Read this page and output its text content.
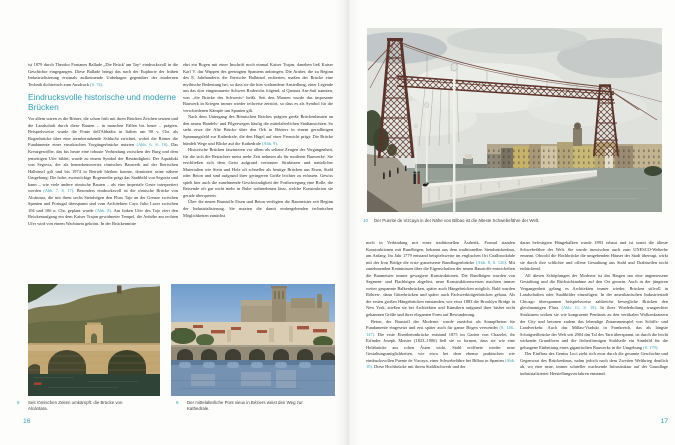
ist 1879 durch Theodor Fontanes Ballade „Die Brück' am Tay“ eindrucksvoll in die Geschichte eingegangen. Diese Ballade bringt das nach der Euphorie der frühen Industrialisierung erstmals aufkeimende Unbehagen gegenüber der modernen Technik dichterisch zum Ausdruck (S. 74).

Eindrucksvolle historische und moderne Brücken

Vor allem waren es die Römer, die schon früh mit ihren Brücken Zeichen setzten und die Landschaft durch diese Bauten – in manchen Fällen bis heute – prägten. Beispielsweise wurde die Ponte dell'Abbadia in Italien um 90 v. Chr. als Bogenbrücke über eine atemberaubende Schlucht errichtet, wobei die Römer die Fundamente einer etruskischen Vorgängerbrücke nutzten (Abb. 6, S. 16). Das Kreuzgewölbe, das bis heute eine robuste Verbindung zwischen der Burg und dem jenseitigen Ufer bildet, wurde zu einem Symbol der Beständigkeit. Der Aquädukt von Segovia, der als bemerkenswertes römisches Bauwerk auf der Iberischen Halbinsel gilt und bis 1974 in Betrieb bleiben konnte, dominiert seine nähere Umgebung: Die hohe, zweistöckige Bogenreihe prägt das Stadtbild von Segovia und kann – wie viele andere römische Bauten – als eine imperiale Geste interpretiert werden (Abb. 7, S. 17). Besonders eindrucksvoll ist die römische Brücke von Alcántara, die mit ihren sechs Steinbögen den Fluss Tajo an der Grenze zwischen Spanien und Portugal überspannt und vom Architekten Cayo Julio Lacer zwischen 104 und 106 n. Chr. geplant wurde (Abb. 8). Am linken Ufer des Tajo ziert den Brückenaufgang ein dem Kaiser Trajan gewidmeter Tempel, die Anhöhe am rechten Ufer wird von einem Wachturm gekrönt. In der Brückenmitte

ehrt ein Bogen mit einer Inschrift noch einmal Kaiser Trajan, daneben ließ Kaiser Karl V. das Wappen des geeinigten Spaniens anbringen. Die Araber, die zu Beginn des 8. Jahrhunderts die Iberische Halbinsel eroberten, maßen der Brücke eine mythische Bedeutung bei, so dass sie die hier vorhandene Ansiedlung, einer Legende um das dort eingemauerte Schwert Roderichs folgend, al Qantara Am-Saif nannten, was „die Brücke des Schwerts“ heißt. Seit den Mauren wurde das imposante Bauwerk in Kriegen immer wieder teilweise zerstört, so dass es als Symbol für die verschiedenen Kämpfe um Spanien gilt.

Nach dem Untergang des Römischen Reiches prägten große Brückenbauten an den neuen Handels- und Pilgerwegen häufig die mittelalterlichen Stadtansichten. So steht etwa die Alte Brücke über den Orb in Béziers in einem geradlinigen Spannungsfeld zur Kathedrale, die den Hügel auf einer Fernsicht prägt: Die Brücke bündelt Wege und Blicke auf die Kathedrale (Abb. 9).

Historische Brücken faszinieren vor allem als seltene Zeugen der Vergangenheit, für die sich die Betrachter meist mehr Zeit nehmen als für moderne Bauwerke. Sie erschließen sich dem Geist aufgrund vertrauter Strukturen und natürlicher Materialien wie Stein und Holz oft schneller als heutige Brücken aus Eisen, Stahl oder Beton und sind aufgrund ihrer geringeren Größe leichter zu erfassen. Gewiss spielt hier auch die zunehmende Geschwindigkeit der Fortbewegung eine Rolle, die Reisende oft gar nicht mehr in Ruhe wahrnehmen lässt, welche Konstruktion sie gerade überqueren.

Über die neuen Baustoffe Eisen und Beton verfügten die Baumeister seit Beginn der Industrialisierung. Sie nutzten die damit einhergehenden technischen Möglichkeiten zunächst

8	Seit römischen Zeiten umkämpft: die Brücke von Alcántara.
9	Der mittelalterliche Pont vieux in Béziers weist den Weg zur Kathedrale.
16
10	Der Puente de Vizcaya in der Nähe von Bilbao ist die älteste Schwebefähre der Welt.

noch in Verbindung mit einer traditionellen Ästhetik. Formal standen Konstruktionen mit Rundbögen, bekannt aus dem traditionellen Steinbrückenbau, am Anfang. Im Jahr 1779 entstand beispielsweise im englischen Ort Coalbrookdale mit der Iron Bridge die erste gusseiserne Rundbogenbrücke (Abb. 8, S. 126). Mit zunehmenden Kenntnissen über die Eigenschaften der neuen Baustoffe entwickelten die Baumeister immer gewagtere Konstruktionen. Die Rundbögen wurden von Segment- und Flachbögen abgelöst, neue Konstruktionsweisen machten immer weiter gespannte Balkenbrücken, später auch Hängebrücken möglich. Bald wurden Röhren-, dann Gitterbrücken und später auch Fachwerkträgerbrücken gebaut. Als die ersten großen Hängebrücken entstanden, wie etwa 1883 die Brooklyn Bridge in New York, stießen sie bei Architekten und Künstlern aufgrund ihrer bisher nicht gekannten Größe und ihrer eleganten Form auf Bewunderung.

Beton, der Baustoff der Moderne, wurde zunächst als Stampfbeton für Fundamente eingesetzt und erst später auch für ganze Bögen verwendet (S. 146–147). Die erste Eisenbetonbrücke entstand 1875 im Garten von Chazelet, ihr Erfinder Joseph Monier (1823–1906) ließ sie so formen, dass sie wie eine Holzbrücke aus rohen Ästen wirkt. Stahl eröffnete wieder neue Gestaltungsmöglichkeiten, wie etwa bei dem ebenso praktischen wie eindrucksvollen Puente de Vizcaya, einer Schwebefähre bei Bilbao in Spanien (Abb. 10). Diese Hochbrücke mit ihrem Stahlfachwerk und der

daran befestigten Hängebalken wurde 1893 erbaut und ist somit die älteste Schwebefähre der Welt. Sie wurde inzwischen auch zum UNESCO-Welterbe ernannt. Obwohl die Hochbrücke die umgebenden Häuser der Stadt überragt, wirkt sie durch ihre schlichte und offene Gestaltung aus Stahl und Drahtseilen nicht erdrückend.

All diesen Schöpfungen der Moderne ist das Ringen um eine angemessene Gestaltung und die Rücksichtnahme auf den Ort gemein. Auch in der jüngeren Vergangenheit gelang es Architekten immer wieder, Brücken stilvoll in Landschaften oder Stadtbilder einzufügen. In der amerikanischen Industriestadt Chicago überspannen beispielsweise zahlreiche bewegliche Brücken den gleichnamigen Fluss (Abb. 11, S. 18). In ihrer Wiederholung waagrechter Strukturen wirken sie wie kongruente Pendants zu den vertikalen Wolkenkratzern der City und betonen zudem das lebendige Zusammenspiel von Schiffs- und Landverkehr. Auch das Millau-Viadukt in Frankreich, das als längste Schrägseilbrücke der Welt seit 2004 das Tal des Tarn überspannt, ist durch die leicht wirkende Grundform und die fächerförmigen Stahlseile ein Sinnbild für die gelungene Einbettung eines gigantischen Bauwerks in die Umgebung (S. 179).

Der Einfluss des Genius Loci zieht sich zwar durch die gesamte Geschichte und Gegenwart des Brückenbaus, nahm jedoch nach dem Zweiten Weltkrieg deutlich ab, wo eine neue, immer schneller wachsende Infrastruktur auf der Grundlage industrialisierter Herstellungsverfahren entstand.

17
